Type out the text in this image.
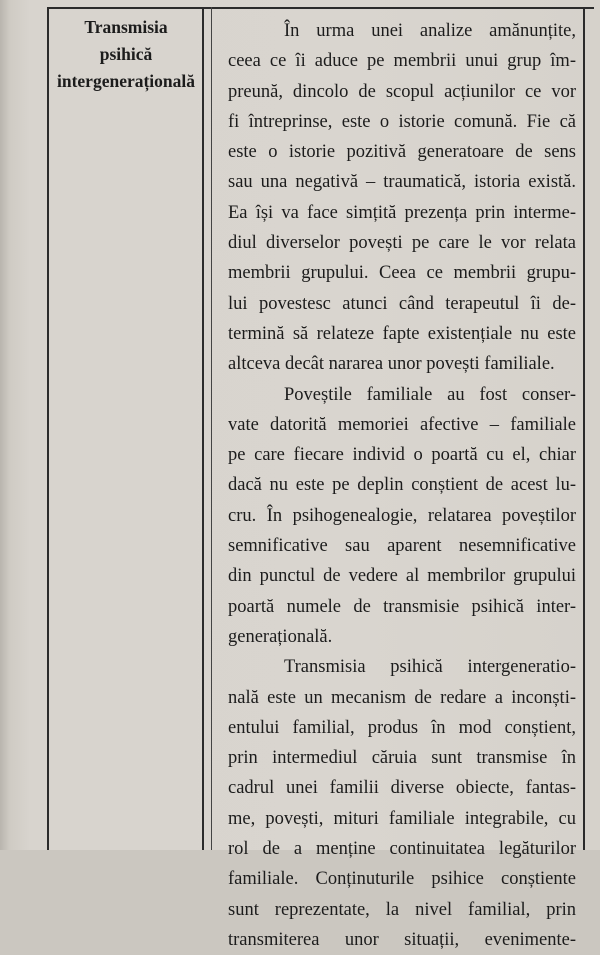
Transmisia
psihică
intergenerațională
În urma unei analize amănunțite,
ceea ce îi aduce pe membrii unui grup îm-
preună, dincolo de scopul acțiunilor ce vor
fi întreprinse, este o istorie comună. Fie că
este o istorie pozitivă generatoare de sens
sau una negativă – traumatică, istoria există.
Ea își va face simțită prezența prin interme-
diul diverselor povești pe care le vor relata
membrii grupului. Ceea ce membrii grupu-
lui povestesc atunci când terapeutul îi de-
termină să relateze fapte existențiale nu este
altceva decât nararea unor povești familiale.
Poveștile familiale au fost conser-
vate datorită memoriei afective – familiale
pe care fiecare individ o poartă cu el, chiar
dacă nu este pe deplin conștient de acest lu-
cru. În psihogenealogie, relatarea poveștilor
semnificative sau aparent nesemnificative
din punctul de vedere al membrilor grupului
poartă numele de transmisie psihică inter-
generațională.
Transmisia psihică intergeneratio-
nală este un mecanism de redare a inconști-
entului familial, produs în mod conștient,
prin intermediul căruia sunt transmise în
cadrul unei familii diverse obiecte, fantas-
me, povești, mituri familiale integrabile, cu
rol de a menține continuitatea legăturilor
familiale. Conținuturile psihice conștiente
sunt reprezentate, la nivel familial, prin
transmiterea unor situații, evenimente-
